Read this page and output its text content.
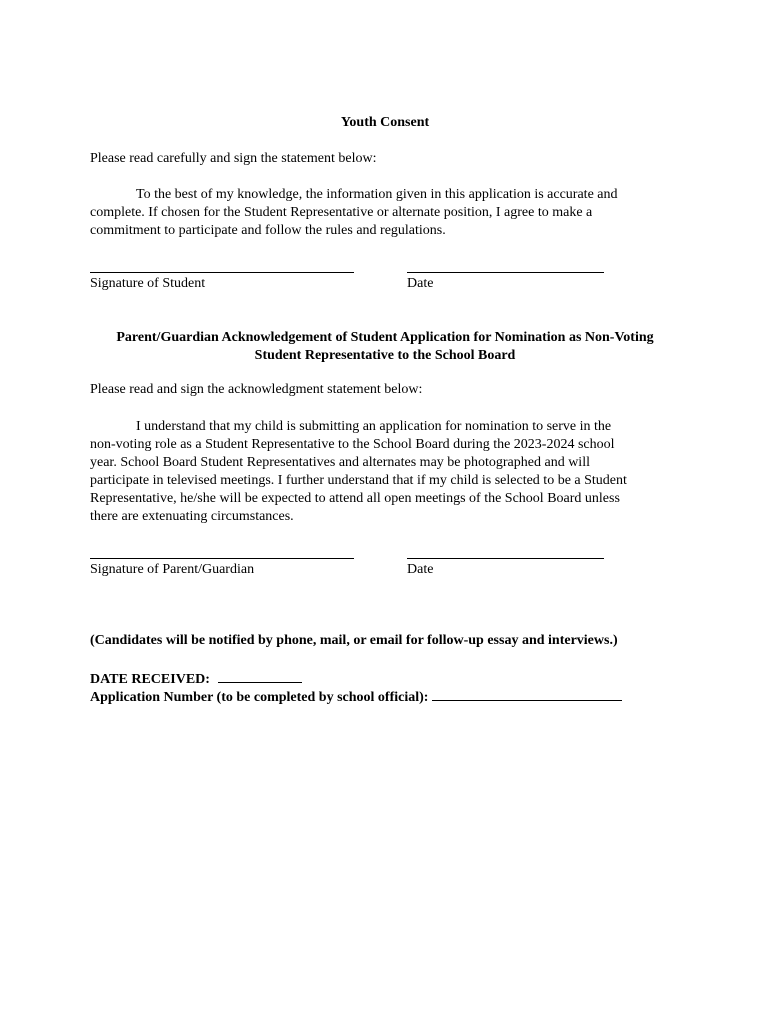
Youth Consent
Please read carefully and sign the statement below:
To the best of my knowledge, the information given in this application is accurate and
complete. If chosen for the Student Representative or alternate position, I agree to make a
commitment to participate and follow the rules and regulations.
Signature of Student	Date
Parent/Guardian Acknowledgement of Student Application for Nomination as Non-Voting
Student Representative to the School Board
Please read and sign the acknowledgment statement below:
I understand that my child is submitting an application for nomination to serve in the
non-voting role as a Student Representative to the School Board during the 2023-2024 school
year. School Board Student Representatives and alternates may be photographed and will
participate in televised meetings. I further understand that if my child is selected to be a Student
Representative, he/she will be expected to attend all open meetings of the School Board unless
there are extenuating circumstances.
Signature of Parent/Guardian	Date
(Candidates will be notified by phone, mail, or email for follow-up essay and interviews.)
DATE RECEIVED:
Application Number (to be completed by school official):
